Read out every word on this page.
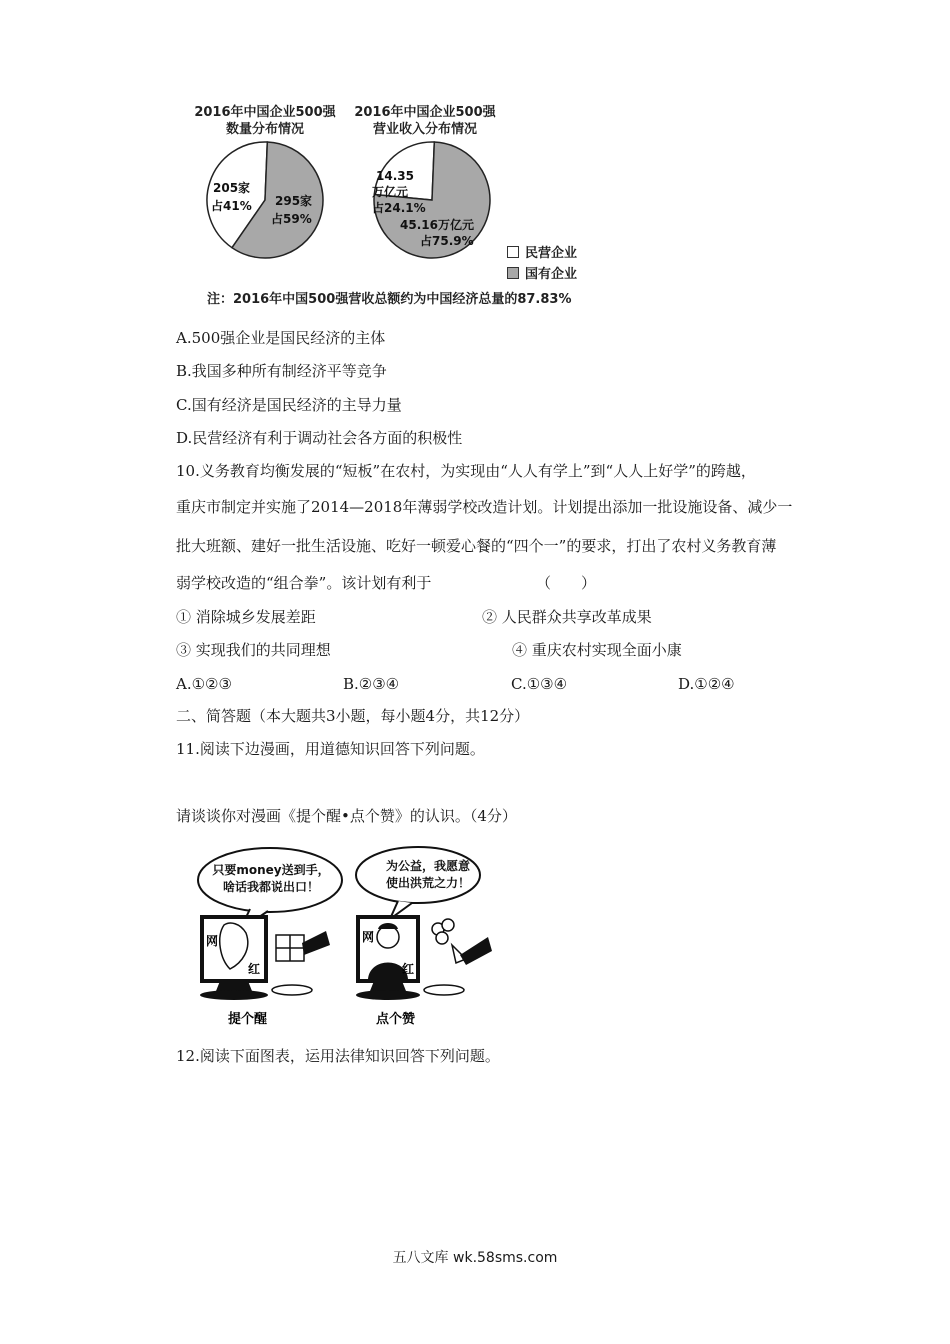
2016年中国企业500强
数量分布情况
2016年中国企业500强
营业收入分布情况
205家
占41% 295家
占59%
14.35
万亿元
占24.1%
45.16万亿元
占75.9%
民营企业
国有企业
注：2016年中国500强营收总额约为中国经济总量的87.83%
A.500强企业是国民经济的主体
B.我国多种所有制经济平等竞争
C.国有经济是国民经济的主导力量
D.民营经济有利于调动社会各方面的积极性
10.义务教育均衡发展的“短板”在农村，为实现由“人人有学上”到“人人上好学”的跨越，
重庆市制定并实施了2014—2018年薄弱学校改造计划。计划提出添加一批设施设备、减少一
批大班额、建好一批生活设施、吃好一顿爱心餐的“四个一”的要求，打出了农村义务教育薄
弱学校改造的“组合拳”。该计划有利于	（　　）
① 消除城乡发展差距	② 人民群众共享改革成果
③ 实现我们的共同理想	④ 重庆农村实现全面小康
A.①②③	B.②③④	C.①③④	D.①②④
二、简答题（本大题共3小题，每小题4分，共12分）
11.阅读下边漫画，用道德知识回答下列问题。
请谈谈你对漫画《提个醒•点个赞》的认识。（4分）
网
红
提个醒
网
红
点个赞
只要money送到手，
啥话我都说出口！
为公益，我愿意
使出洪荒之力！
12.阅读下面图表，运用法律知识回答下列问题。
五八文库 wk.58sms.com
